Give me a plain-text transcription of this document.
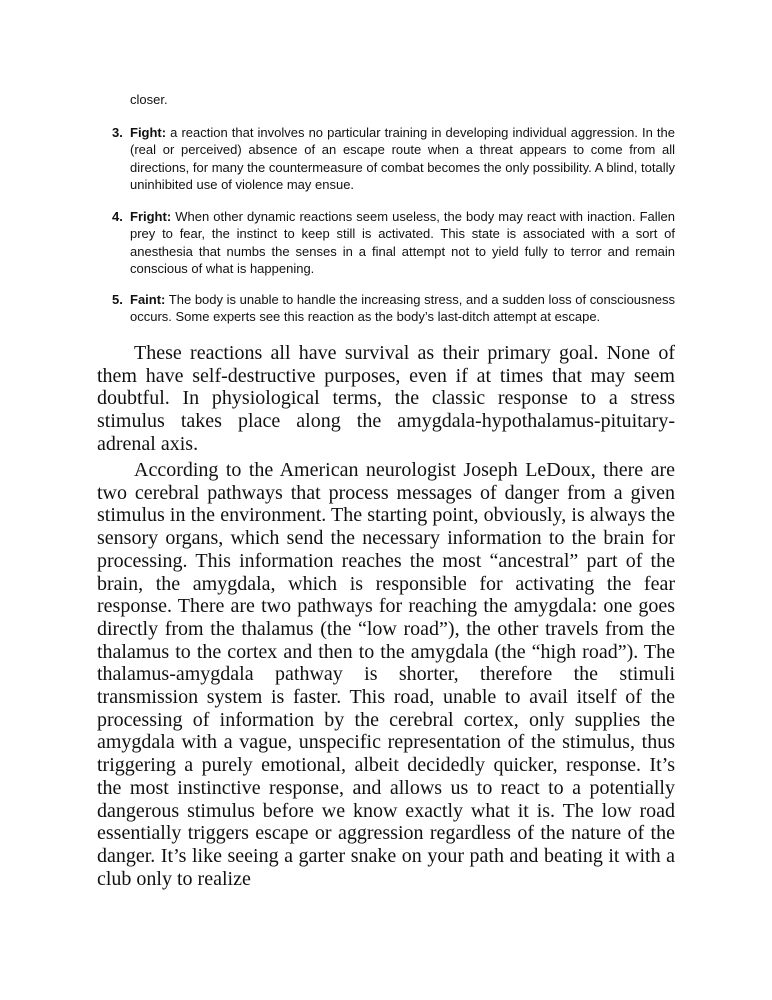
closer.
3. Fight: a reaction that involves no particular training in developing individual aggression. In the (real or perceived) absence of an escape route when a threat appears to come from all directions, for many the countermeasure of combat becomes the only possibility. A blind, totally uninhibited use of violence may ensue.
4. Fright: When other dynamic reactions seem useless, the body may react with inaction. Fallen prey to fear, the instinct to keep still is activated. This state is associated with a sort of anesthesia that numbs the senses in a final attempt not to yield fully to terror and remain conscious of what is happening.
5. Faint: The body is unable to handle the increasing stress, and a sudden loss of consciousness occurs. Some experts see this reaction as the body’s last-ditch attempt at escape.

These reactions all have survival as their primary goal. None of them have self-destructive purposes, even if at times that may seem doubtful. In physiological terms, the classic response to a stress stimulus takes place along the amygdala-hypothalamus-pituitary-adrenal axis.

According to the American neurologist Joseph LeDoux, there are two cerebral pathways that process messages of danger from a given stimulus in the environment. The starting point, obviously, is always the sensory organs, which send the necessary information to the brain for processing. This information reaches the most “ancestral” part of the brain, the amygdala, which is responsible for activating the fear response. There are two pathways for reaching the amygdala: one goes directly from the thalamus (the “low road”), the other travels from the thalamus to the cortex and then to the amygdala (the “high road”). The thalamus-amygdala pathway is shorter, therefore the stimuli transmission system is faster. This road, unable to avail itself of the processing of information by the cerebral cortex, only supplies the amygdala with a vague, unspecific representation of the stimulus, thus triggering a purely emotional, albeit decidedly quicker, response. It’s the most instinctive response, and allows us to react to a potentially dangerous stimulus before we know exactly what it is. The low road essentially triggers escape or aggression regardless of the nature of the danger. It’s like seeing a garter snake on your path and beating it with a club only to realize
